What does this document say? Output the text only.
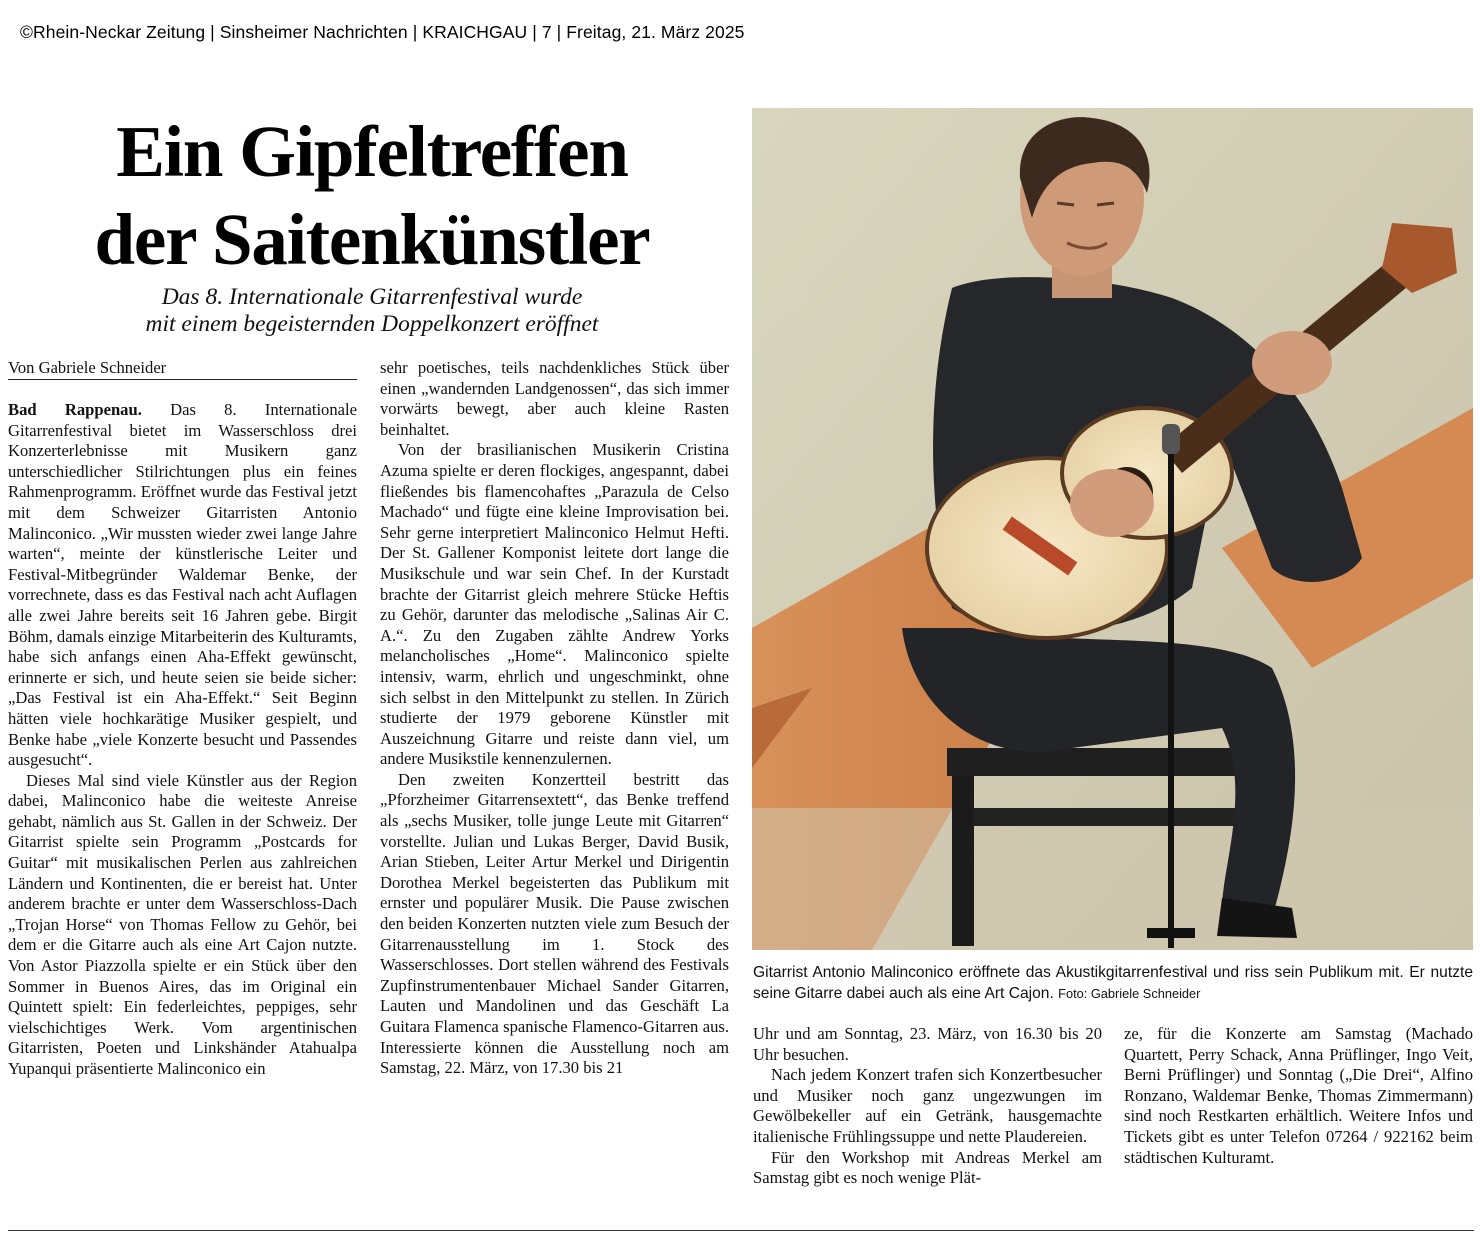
©Rhein-Neckar Zeitung | Sinsheimer Nachrichten | KRAICHGAU | 7 | Freitag, 21. März 2025
Ein Gipfeltreffen
der Saitenkünstler
Das 8. Internationale Gitarrenfestival wurde
mit einem begeisternden Doppelkonzert eröffnet
Von Gabriele Schneider

Bad Rappenau. Das 8. Internationale Gitarrenfestival bietet im Wasserschloss drei Konzerterlebnisse mit Musikern ganz unterschiedlicher Stilrichtungen plus ein feines Rahmenprogramm. Eröffnet wurde das Festival jetzt mit dem Schweizer Gitarristen Antonio Malinconico. „Wir mussten wieder zwei lange Jahre warten“, meinte der künstlerische Leiter und Festival-Mitbegründer Waldemar Benke, der vorrechnete, dass es das Festival nach acht Auflagen alle zwei Jahre bereits seit 16 Jahren gebe. Birgit Böhm, damals einzige Mitarbeiterin des Kulturamts, habe sich anfangs einen Aha-Effekt gewünscht, erinnerte er sich, und heute seien sie beide sicher: „Das Festival ist ein Aha-Effekt.“ Seit Beginn hätten viele hochkarätige Musiker gespielt, und Benke habe „viele Konzerte besucht und Passendes ausgesucht“.

Dieses Mal sind viele Künstler aus der Region dabei, Malinconico habe die weiteste Anreise gehabt, nämlich aus St. Gallen in der Schweiz. Der Gitarrist spielte sein Programm „Postcards for Guitar“ mit musikalischen Perlen aus zahlreichen Ländern und Kontinenten, die er bereist hat. Unter anderem brachte er unter dem Wasserschloss-Dach „Trojan Horse“ von Thomas Fellow zu Gehör, bei dem er die Gitarre auch als eine Art Cajon nutzte. Von Astor Piazzolla spielte er ein Stück über den Sommer in Buenos Aires, das im Original ein Quintett spielt: Ein federleichtes, peppiges, sehr vielschichtiges Werk. Vom argentinischen Gitarristen, Poeten und Linkshänder Atahualpa Yupanqui präsentierte Malinconico ein

sehr poetisches, teils nachdenkliches Stück über einen „wandernden Landgenossen“, das sich immer vorwärts bewegt, aber auch kleine Rasten beinhaltet.

Von der brasilianischen Musikerin Cristina Azuma spielte er deren flockiges, angespannt, dabei fließendes bis flamencohaftes „Parazula de Celso Machado“ und fügte eine kleine Improvisation bei. Sehr gerne interpretiert Malinconico Helmut Hefti. Der St. Gallener Komponist leitete dort lange die Musikschule und war sein Chef. In der Kurstadt brachte der Gitarrist gleich mehrere Stücke Heftis zu Gehör, darunter das melodische „Salinas Air C. A.“. Zu den Zugaben zählte Andrew Yorks melancholisches „Home“. Malinconico spielte intensiv, warm, ehrlich und ungeschminkt, ohne sich selbst in den Mittelpunkt zu stellen. In Zürich studierte der 1979 geborene Künstler mit Auszeichnung Gitarre und reiste dann viel, um andere Musikstile kennenzulernen.

Den zweiten Konzertteil bestritt das „Pforzheimer Gitarrensextett“, das Benke treffend als „sechs Musiker, tolle junge Leute mit Gitarren“ vorstellte. Julian und Lukas Berger, David Busik, Arian Stieben, Leiter Artur Merkel und Dirigentin Dorothea Merkel begeisterten das Publikum mit ernster und populärer Musik. Die Pause zwischen den beiden Konzerten nutzten viele zum Besuch der Gitarrenausstellung im 1. Stock des Wasserschlosses. Dort stellen während des Festivals Zupfinstrumentenbauer Michael Sander Gitarren, Lauten und Mandolinen und das Geschäft La Guitara Flamenca spanische Flamenco-Gitarren aus. Interessierte können die Ausstellung noch am Samstag, 22. März, von 17.30 bis 21

Gitarrist Antonio Malinconico eröffnete das Akustikgitarrenfestival und riss sein Publikum mit. Er nutzte seine Gitarre dabei auch als eine Art Cajon. Foto: Gabriele Schneider

Uhr und am Sonntag, 23. März, von 16.30 bis 20 Uhr besuchen.

Nach jedem Konzert trafen sich Konzertbesucher und Musiker noch ganz ungezwungen im Gewölbekeller auf ein Getränk, hausgemachte italienische Frühlingssuppe und nette Plaudereien.

Für den Workshop mit Andreas Merkel am Samstag gibt es noch wenige Plät-

ze, für die Konzerte am Samstag (Machado Quartett, Perry Schack, Anna Prüflinger, Ingo Veit, Berni Prüflinger) und Sonntag („Die Drei“, Alfino Ronzano, Waldemar Benke, Thomas Zimmermann) sind noch Restkarten erhältlich. Weitere Infos und Tickets gibt es unter Telefon 07264 / 922162 beim städtischen Kulturamt.
